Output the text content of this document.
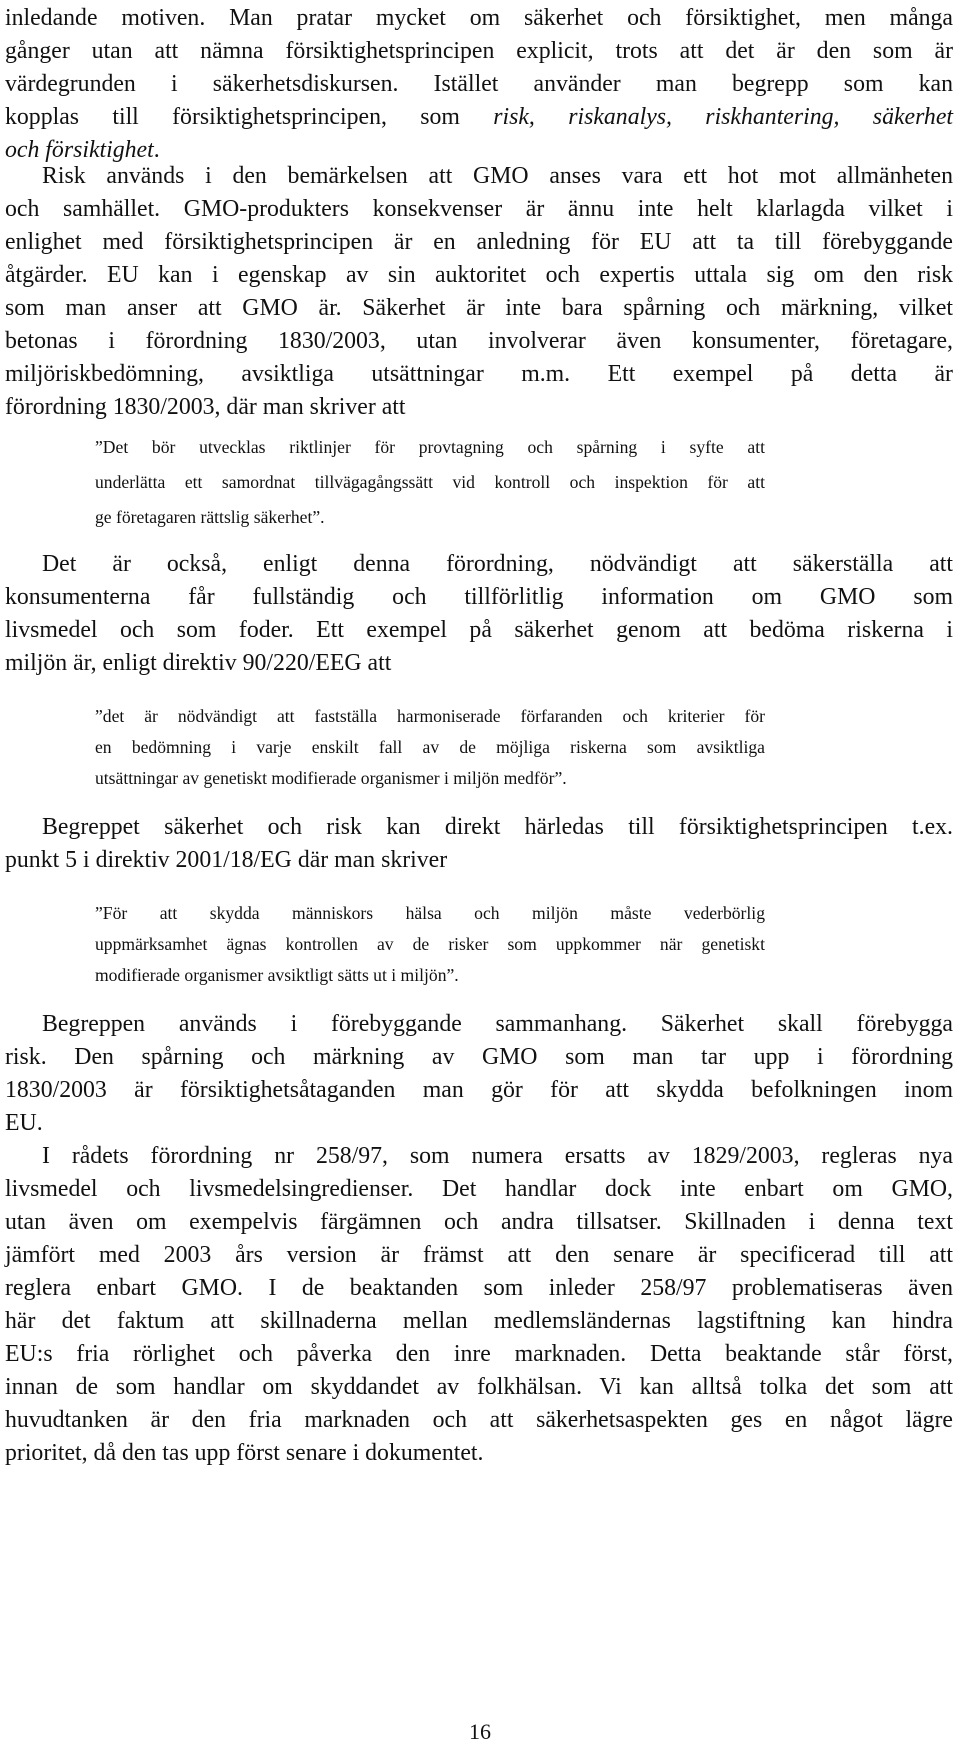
inledande motiven. Man pratar mycket om säkerhet och försiktighet, men många
gånger utan att nämna försiktighetsprincipen explicit, trots att det är den som är
värdegrunden i säkerhetsdiskursen. Istället använder man begrepp som kan
kopplas till försiktighetsprincipen, som risk, riskanalys, riskhantering, säkerhet
och försiktighet.
Risk används i den bemärkelsen att GMO anses vara ett hot mot allmänheten
och samhället. GMO-produkters konsekvenser är ännu inte helt klarlagda vilket i
enlighet med försiktighetsprincipen är en anledning för EU att ta till förebyggande
åtgärder. EU kan i egenskap av sin auktoritet och expertis uttala sig om den risk
som man anser att GMO är. Säkerhet är inte bara spårning och märkning, vilket
betonas i förordning 1830/2003, utan involverar även konsumenter, företagare,
miljöriskbedömning, avsiktliga utsättningar m.m. Ett exempel på detta är
förordning 1830/2003, där man skriver att
”Det bör utvecklas riktlinjer för provtagning och spårning i syfte att
underlätta ett samordnat tillvägagångssätt vid kontroll och inspektion för att
ge företagaren rättslig säkerhet”.
Det är också, enligt denna förordning, nödvändigt att säkerställa att
konsumenterna får fullständig och tillförlitlig information om GMO som
livsmedel och som foder. Ett exempel på säkerhet genom att bedöma riskerna i
miljön är, enligt direktiv 90/220/EEG att
”det är nödvändigt att fastställa harmoniserade förfaranden och kriterier för
en bedömning i varje enskilt fall av de möjliga riskerna som avsiktliga
utsättningar av genetiskt modifierade organismer i miljön medför”.
Begreppet säkerhet och risk kan direkt härledas till försiktighetsprincipen t.ex.
punkt 5 i direktiv 2001/18/EG där man skriver
”För att skydda människors hälsa och miljön måste vederbörlig
uppmärksamhet ägnas kontrollen av de risker som uppkommer när genetiskt
modifierade organismer avsiktligt sätts ut i miljön”.
Begreppen används i förebyggande sammanhang. Säkerhet skall förebygga
risk. Den spårning och märkning av GMO som man tar upp i förordning
1830/2003 är försiktighetsåtaganden man gör för att skydda befolkningen inom
EU.
I rådets förordning nr 258/97, som numera ersatts av 1829/2003, regleras nya
livsmedel och livsmedelsingredienser. Det handlar dock inte enbart om GMO,
utan även om exempelvis färgämnen och andra tillsatser. Skillnaden i denna text
jämfört med 2003 års version är främst att den senare är specificerad till att
reglera enbart GMO. I de beaktanden som inleder 258/97 problematiseras även
här det faktum att skillnaderna mellan medlemsländernas lagstiftning kan hindra
EU:s fria rörlighet och påverka den inre marknaden. Detta beaktande står först,
innan de som handlar om skyddandet av folkhälsan. Vi kan alltså tolka det som att
huvudtanken är den fria marknaden och att säkerhetsaspekten ges en något lägre
prioritet, då den tas upp först senare i dokumentet.
16
